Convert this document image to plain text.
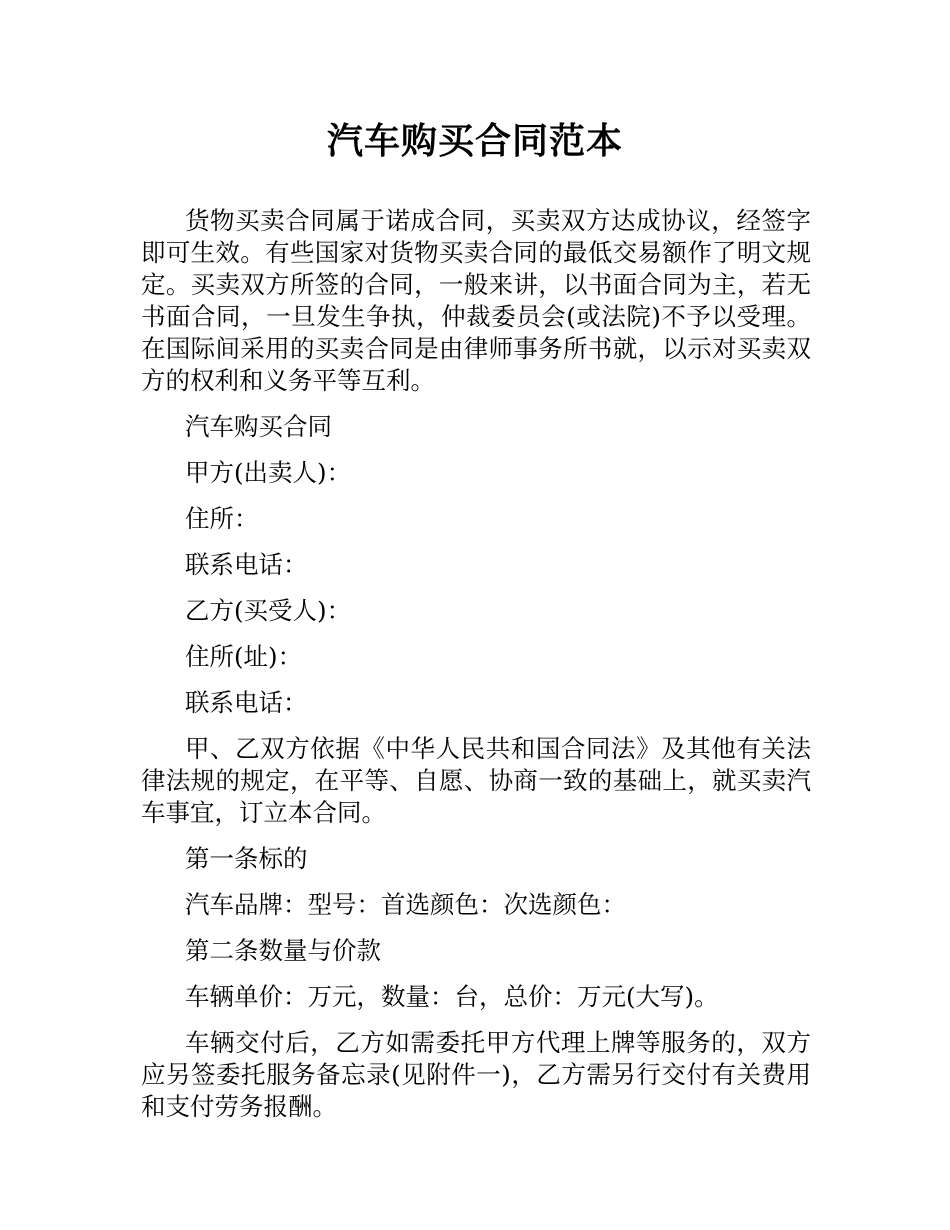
汽车购买合同范本

货物买卖合同属于诺成合同，买卖双方达成协议，经签字即可生效。有些国家对货物买卖合同的最低交易额作了明文规定。买卖双方所签的合同，一般来讲，以书面合同为主，若无书面合同，一旦发生争执，仲裁委员会(或法院)不予以受理。在国际间采用的买卖合同是由律师事务所书就，以示对买卖双方的权利和义务平等互利。

汽车购买合同

甲方(出卖人)：

住所：

联系电话：

乙方(买受人)：

住所(址)：

联系电话：

甲、乙双方依据《中华人民共和国合同法》及其他有关法律法规的规定，在平等、自愿、协商一致的基础上，就买卖汽车事宜，订立本合同。

第一条标的

汽车品牌：型号：首选颜色：次选颜色：

第二条数量与价款

车辆单价：万元，数量：台，总价：万元(大写)。

车辆交付后，乙方如需委托甲方代理上牌等服务的，双方应另签委托服务备忘录(见附件一)，乙方需另行交付有关费用和支付劳务报酬。
